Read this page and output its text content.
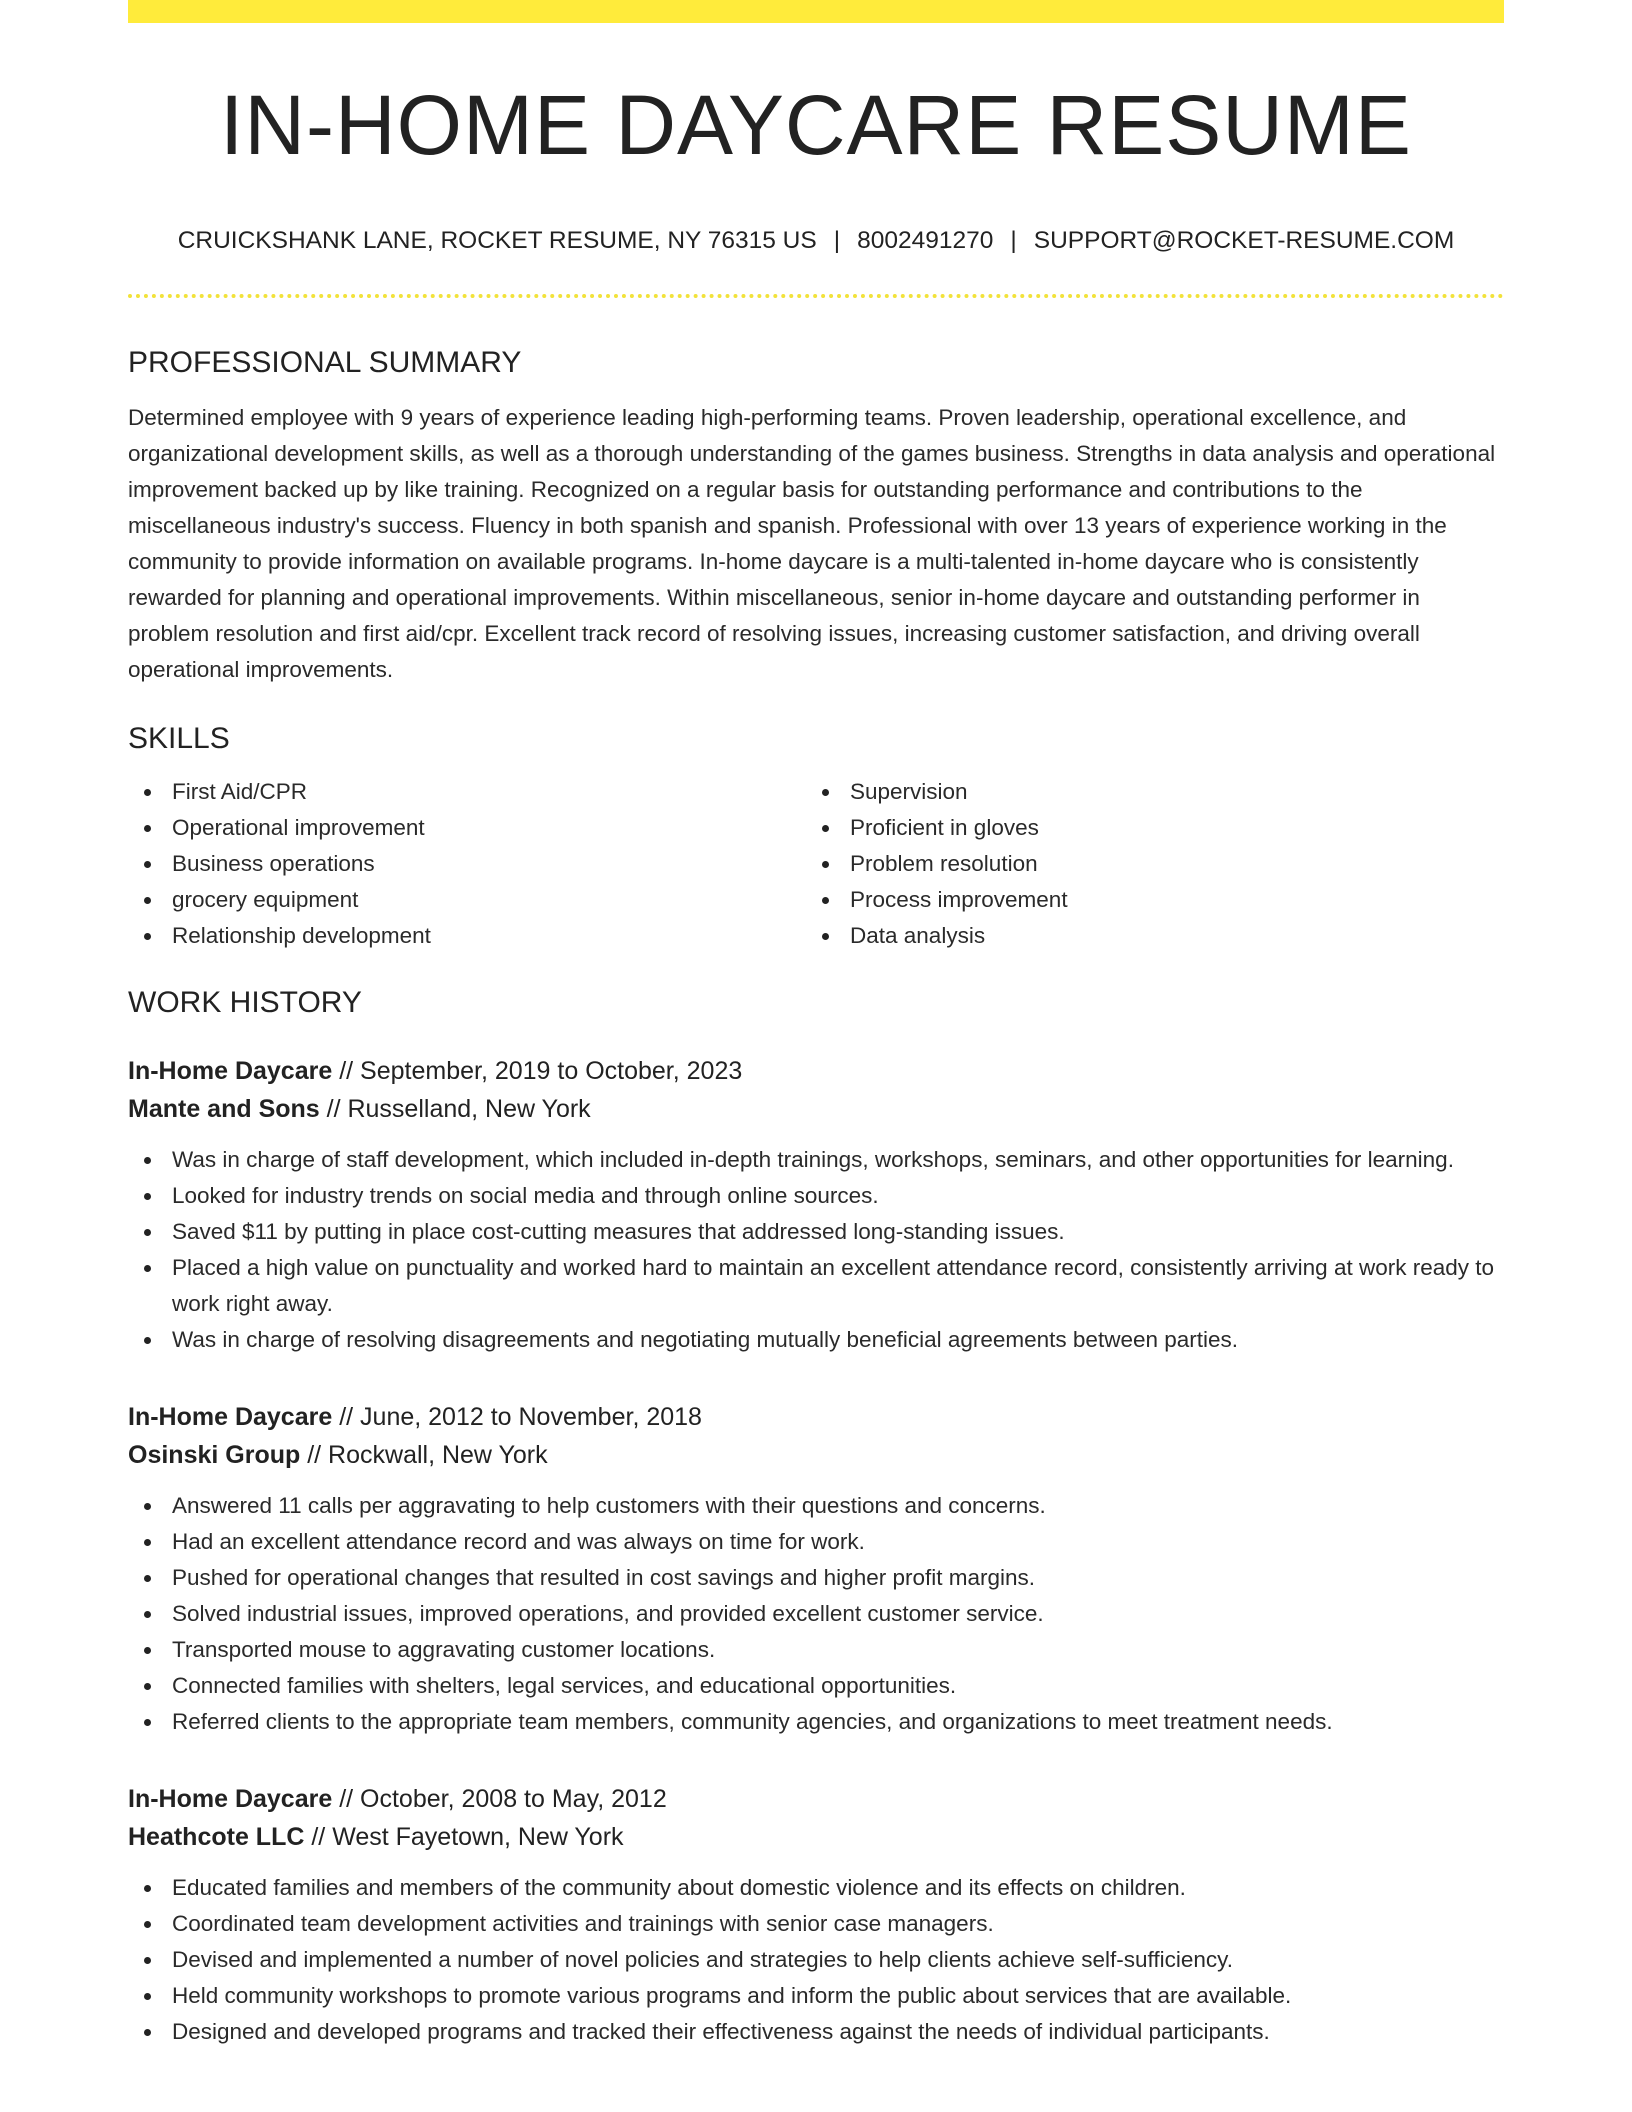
IN-HOME DAYCARE RESUME
CRUICKSHANK LANE, ROCKET RESUME, NY 76315 US | 8002491270 | SUPPORT@ROCKET-RESUME.COM
PROFESSIONAL SUMMARY

Determined employee with 9 years of experience leading high-performing teams. Proven leadership, operational excellence, and organizational development skills, as well as a thorough understanding of the games business. Strengths in data analysis and operational improvement backed up by like training. Recognized on a regular basis for outstanding performance and contributions to the miscellaneous industry's success. Fluency in both spanish and spanish. Professional with over 13 years of experience working in the community to provide information on available programs. In-home daycare is a multi-talented in-home daycare who is consistently rewarded for planning and operational improvements. Within miscellaneous, senior in-home daycare and outstanding performer in problem resolution and first aid/cpr. Excellent track record of resolving issues, increasing customer satisfaction, and driving overall operational improvements.

SKILLS
First Aid/CPR
Operational improvement
Business operations
grocery equipment
Relationship development
Supervision
Proficient in gloves
Problem resolution
Process improvement
Data analysis
WORK HISTORY
In-Home Daycare // September, 2019 to October, 2023
Mante and Sons // Russelland, New York
Was in charge of staff development, which included in-depth trainings, workshops, seminars, and other opportunities for learning.
Looked for industry trends on social media and through online sources.
Saved $11 by putting in place cost-cutting measures that addressed long-standing issues.
Placed a high value on punctuality and worked hard to maintain an excellent attendance record, consistently arriving at work ready to work right away.
Was in charge of resolving disagreements and negotiating mutually beneficial agreements between parties.
In-Home Daycare // June, 2012 to November, 2018
Osinski Group // Rockwall, New York
Answered 11 calls per aggravating to help customers with their questions and concerns.
Had an excellent attendance record and was always on time for work.
Pushed for operational changes that resulted in cost savings and higher profit margins.
Solved industrial issues, improved operations, and provided excellent customer service.
Transported mouse to aggravating customer locations.
Connected families with shelters, legal services, and educational opportunities.
Referred clients to the appropriate team members, community agencies, and organizations to meet treatment needs.
In-Home Daycare // October, 2008 to May, 2012
Heathcote LLC // West Fayetown, New York
Educated families and members of the community about domestic violence and its effects on children.
Coordinated team development activities and trainings with senior case managers.
Devised and implemented a number of novel policies and strategies to help clients achieve self-sufficiency.
Held community workshops to promote various programs and inform the public about services that are available.
Designed and developed programs and tracked their effectiveness against the needs of individual participants.
